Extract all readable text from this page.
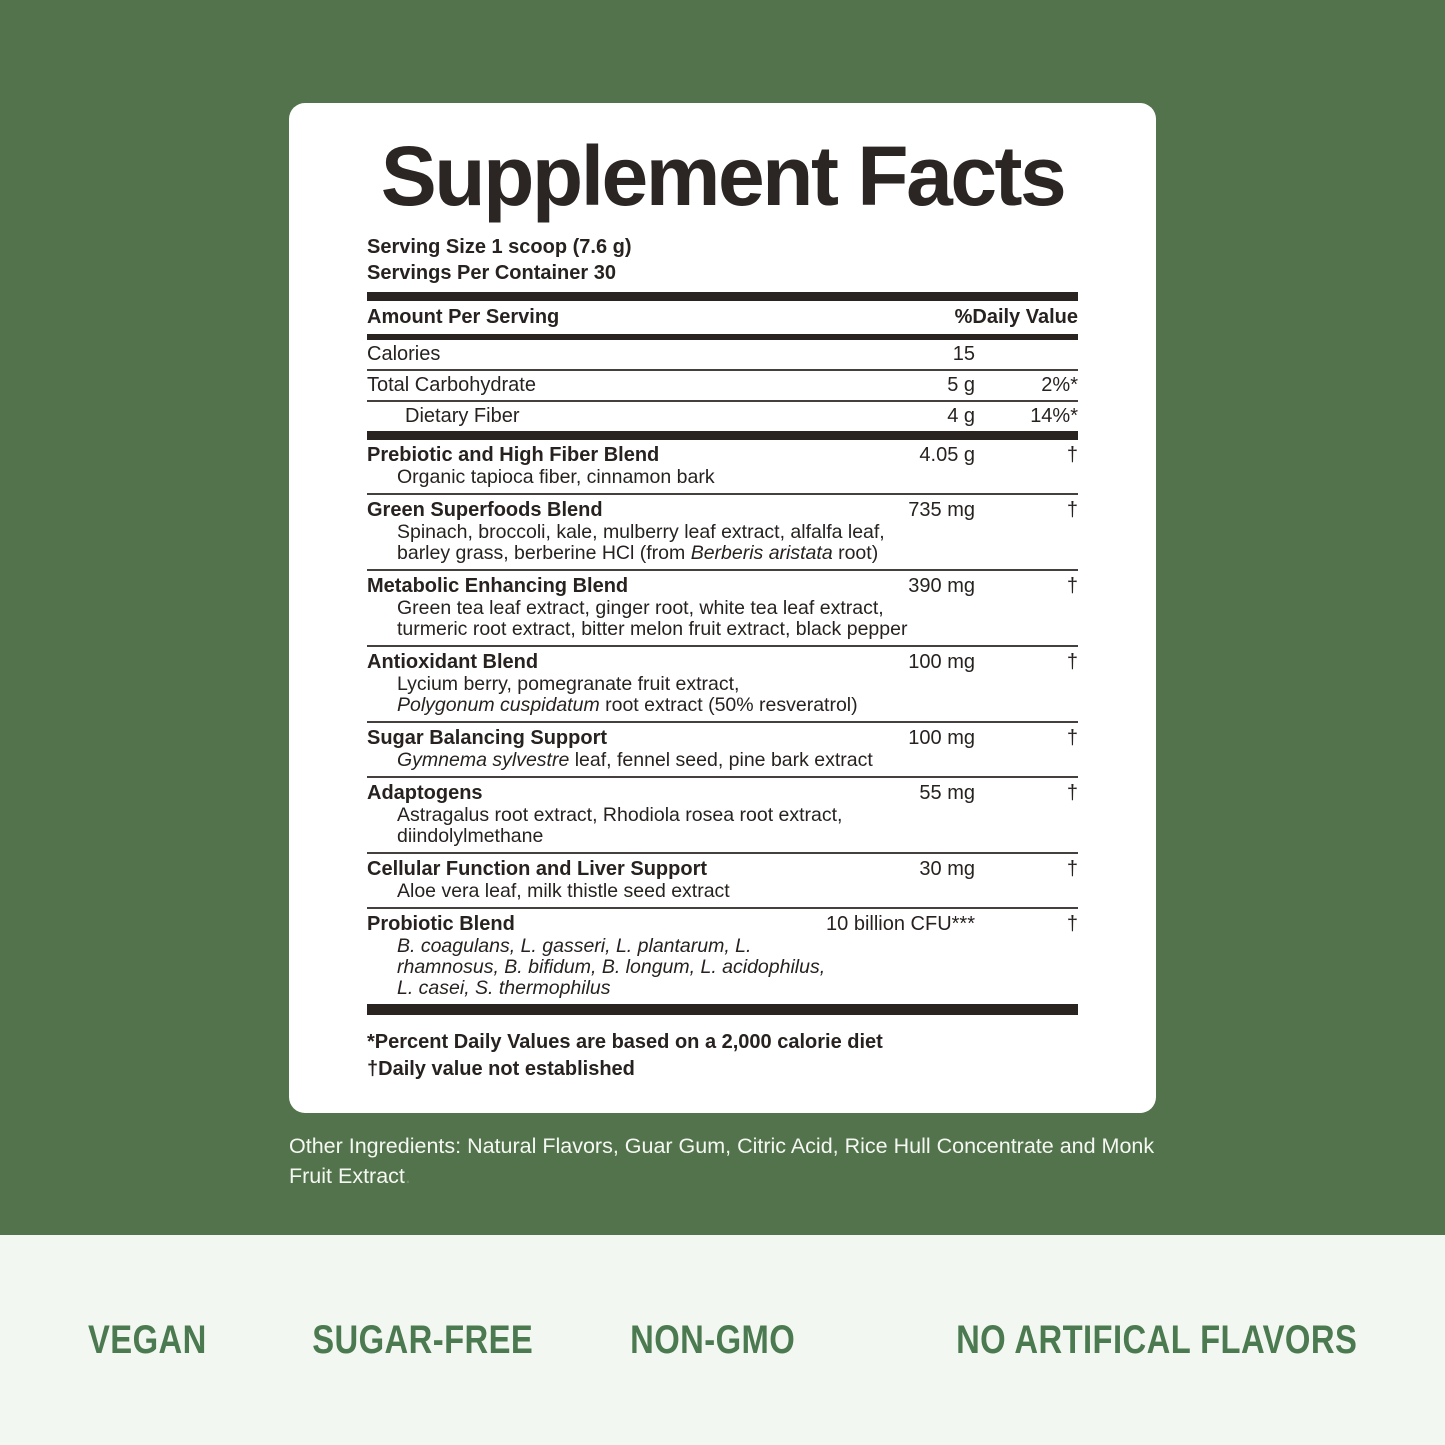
Supplement Facts

Serving Size 1 scoop (7.6 g)

Servings Per Container 30

Amount Per Serving	%Daily Value
Calories	15
Total Carbohydrate	5 g	2%*
Dietary Fiber	4 g	14%*
Prebiotic and High Fiber Blend	4.05 g	†
Organic tapioca fiber, cinnamon bark
Green Superfoods Blend	735 mg	†
Spinach, broccoli, kale, mulberry leaf extract, alfalfa leaf,
barley grass, berberine HCl (from Berberis aristata root)
Metabolic Enhancing Blend	390 mg	†
Green tea leaf extract, ginger root, white tea leaf extract,
turmeric root extract, bitter melon fruit extract, black pepper
Antioxidant Blend	100 mg	†
Lycium berry, pomegranate fruit extract,
Polygonum cuspidatum root extract (50% resveratrol)
Sugar Balancing Support	100 mg	†
Gymnema sylvestre leaf, fennel seed, pine bark extract
Adaptogens	55 mg	†
Astragalus root extract, Rhodiola rosea root extract,
diindolylmethane
Cellular Function and Liver Support	30 mg	†
Aloe vera leaf, milk thistle seed extract
Probiotic Blend	10 billion CFU***	†
B. coagulans, L. gasseri, L. plantarum, L.
rhamnosus, B. bifidum, B. longum, L. acidophilus,
L. casei, S. thermophilus

*Percent Daily Values are based on a 2,000 calorie diet

†Daily value not established

Other Ingredients: Natural Flavors, Guar Gum, Citric Acid, Rice Hull Concentrate and Monk
Fruit Extract.

VEGAN	SUGAR-FREE NON-GMO	NO ARTIFICAL FLAVORS
